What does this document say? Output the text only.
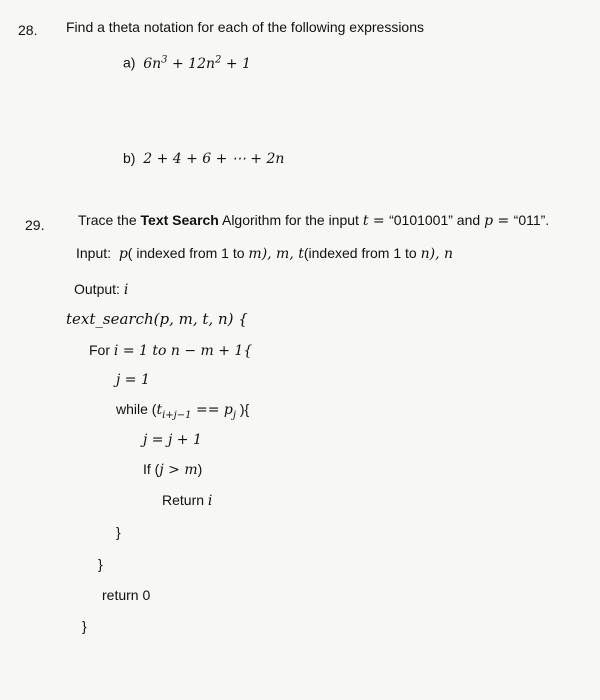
28. Find a theta notation for each of the following expressions
a) $6n^3 + 12n^2 + 1$
b) 2 + 4 + 6 + ⋯ + 2n
29. Trace the Text Search Algorithm for the input t = “0101001” and p = “011”.
Input: p( indexed from 1 to m), m, t(indexed from 1 to n), n
Output: i
text_search(p, m, t, n) {
For i = 1 to n − m + 1{
j = 1
while ($t_{i+j-1} == p_j$ ){
j = j + 1
If (j > m)
Return i
}
}
return 0
}
